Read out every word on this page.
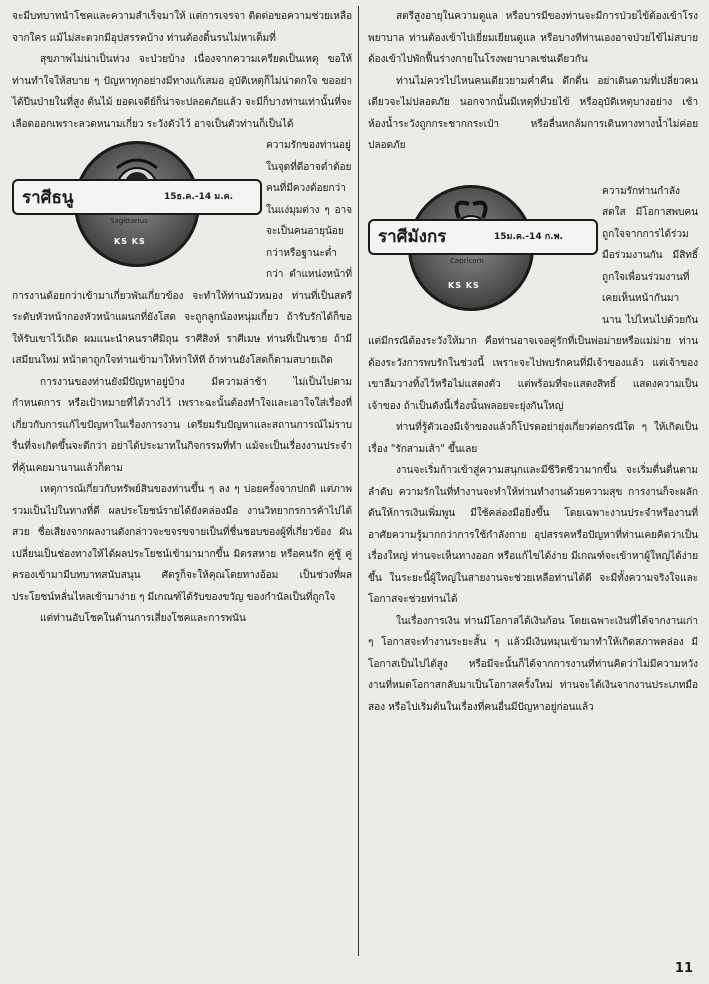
จะมีบทบาทนำโชคและความสำเร็จมาให้ แต่การเจรจา ติดต่อขอความช่วยเหลือจากใคร แม้ไม่สะดวกมีอุปสรรคบ้าง ท่านต้องดิ้นรนไม่หาเต็มที่

สุขภาพไม่น่าเป็นห่วง จะป่วยบ้าง เนื่องจากความเครียดเป็นเหตุ ขอให้ท่านทำใจให้สบาย ๆ ปัญหาทุกอย่างมีทางแก้เสมอ อุบัติเหตุก็ไม่น่าตกใจ ขออย่าได้ปีนป่ายในที่สูง ต้นไม้ ยอดเจดีย์ก็น่าจะปลอดภัยแล้ว จะมีก็บางท่านเท่านั้นที่จะเลือดออกเพราะลวดหนามเกี่ยว ระวังตัวไว้ อาจเป็นตัวท่านก็เป็นได้

ราศีธนู	15ธ.ค.-14 ม.ค.
Sagittarius
KS KS

ความรักของท่านอยู่ในจุดที่ดีอาจต่ำต้อย คนที่มีควงด้อยกว่าในแง่มุมต่าง ๆ อาจจะเป็นคนอายุน้อยกว่าหรือฐานะต่ำกว่า ตำแหน่งหน้าที่การงานด้อยกว่าเข้ามาเกี่ยวพันเกี่ยวข้อง จะทำให้ท่านมัวหมอง ท่านที่เป็นสตรีระดับหัวหน้ากองหัวหน้าแผนกที่ยังโสด จะถูกลูกน้องหนุ่มเกี้ยว ถ้ารับรักได้ก็ขอให้รับเขาไว้เถิด ผมแนะนำคนราศีมิถุน ราศีสิงห์ ราศีเมษ ท่านที่เป็นชาย ถ้ามีเสมียนใหม่ หน้าตาถูกใจท่านเข้ามาให้ท่าให้ที ถ้าท่านยังโสดก็ตามสบายเถิด

การงานของท่านยังมีปัญหาอยู่บ้าง มีความล่าช้า ไม่เป็นไปตามกำหนดการ หรือเป้าหมายที่ได้วางไว้ เพราะฉะนั้นต้องทำใจและเอาใจใส่เรื่องที่เกี่ยวกับการแก้ไขปัญหาในเรื่องการงาน เตรียมรับปัญหาและสถานการณ์ไม่ราบรื่นที่จะเกิดขึ้นจะดีกว่า อย่าได้ประมาทในกิจกรรมที่ทำ แม้จะเป็นเรื่องงานประจำที่คุ้นเคยมานานแล้วก็ตาม

เหตุการณ์เกี่ยวกับทรัพย์สินของท่านขึ้น ๆ ลง ๆ บ่อยครั้งจากปกติ แต่ภาพรวมเป็นไปในทางที่ดี ผลประโยชน์รายได้ยังคล่องมือ งานวิทยากรการค้าไปได้สวย ชื่อเสียงจากผลงานดังกล่าวจะขจรขจายเป็นที่ชื่นชอบของผู้ที่เกี่ยวข้อง ผันเปลี่ยนเป็นช่องทางให้ได้ผลประโยชน์เข้ามามากขึ้น มิตรสหาย หรือคนรัก คู่ชู้ คู่ครองเข้ามามีบทบาทสนับสนุน ศัตรูก็จะให้คุณโดยทางอ้อม เป็นช่วงที่ผลประโยชน์หลั่นไหลเข้ามาง่าย ๆ มีเกณฑ์ได้รับของขวัญ ของกำนัลเป็นที่ถูกใจ

แต่ท่านอับโชคในด้านการเสี่ยงโชคและการพนัน

สตรีสูงอายุในความดูแล หรือบารมีของท่านจะมีการป่วยไข้ต้องเข้าโรงพยาบาล ท่านต้องเข้าไปเยี่ยมเยียนดูแล หรือบางทีท่านเองอาจป่วยไข้ไม่สบาย ต้องเข้าไปพักฟื้นร่างกายในโรงพยาบาลเช่นเดียวกัน

ท่านไม่ควรไปไหนคนเดียวยามค่ำคืน ดึกดื่น อย่าเดินตามที่เปลี่ยวคนเดียวจะไม่ปลอดภัย นอกจากนั้นมีเหตุที่ป่วยไข้ หรืออุบัติเหตุบางอย่าง เช้าห้องน้ำระวังถูกกระชากกระเป๋า หรือลื่นหกล้มการเดินทางทางน้ำไม่ค่อยปลอดภัย

ราศีมังกร	15ม.ค.-14 ก.พ.
Capricorn
KS KS

ความรักท่านกำลังสดใส มีโอกาสพบคนถูกใจจากการได้ร่วมมือร่วมงานกัน มีสิทธิ์ถูกใจเพื่อนร่วมงานที่เคยเห็นหน้ากันมานาน ไปไหนไปด้วยกัน แต่มีกรณีต้องระวังให้มาก คือท่านอาจเจอคู่รักที่เป็นพ่อม่ายหรือแม่ม่าย ท่านต้องระวังการพบรักในช่วงนี้ เพราะจะไปพบรักคนที่มีเจ้าของแล้ว แต่เจ้าของเขาลืมวางทิ้งไว้หรือไม่แสดงตัว แต่พร้อมที่จะแสดงสิทธิ์ แสดงความเป็นเจ้าของ ถ้าเป็นดังนี้เรื่องนั้นพลอยจะยุ่งกันใหญ่

ท่านที่รู้ตัวเองมีเจ้าของแล้วก็โปรดอย่ายุ่งเกี่ยวต่อกรณีใด ๆ ให้เกิดเป็นเรื่อง "รักสามเส้า" ขึ้นเลย

งานจะเริ่มก้าวเข้าสู่ความสนุกและมีชีวิตชีวามากขึ้น จะเริ่มตื่นตื่นตามลำดับ ความรักในที่ทำงานจะทำให้ท่านทำงานด้วยความสุข การงานก็จะผลักดันให้การเงินเพิ่มพูน มีใช้คล่องมือยิ่งขึ้น โดยเฉพาะงานประจำหรืองานที่อาศัยความรู้มากกว่าการใช้กำลังกาย อุปสรรคหรือปัญหาที่ท่านเคยคิดว่าเป็นเรื่องใหญ่ ท่านจะเห็นทางออก หรือแก้ไขได้ง่าย มีเกณฑ์จะเข้าหาผู้ใหญ่ได้ง่ายขึ้น ในระยะนี้ผู้ใหญ่ในสายงานจะช่วยเหลือท่านได้ดี จะมีทั้งความจริงใจและโอกาสจะช่วยท่านได้

ในเรื่องการเงิน ท่านมีโอกาสได้เงินก้อน โดยเฉพาะเงินที่ได้จากงานเก่า ๆ โอกาสจะทำงานระยะสั้น ๆ แล้วมีเงินหมุนเข้ามาทำให้เกิดสภาพคล่อง มีโอกาสเป็นไปได้สูง หรือมีจะนั้นก็ได้จากการงานที่ท่านคิดว่าไม่มีความหวัง งานที่หมดโอกาสกลับมาเป็นโอกาสครั้งใหม่ ท่านจะได้เงินจากงานประเภทมือสอง หรือไปเริ่มต้นในเรื่องที่คนอื่นมีปัญหาอยู่ก่อนแล้ว

11
